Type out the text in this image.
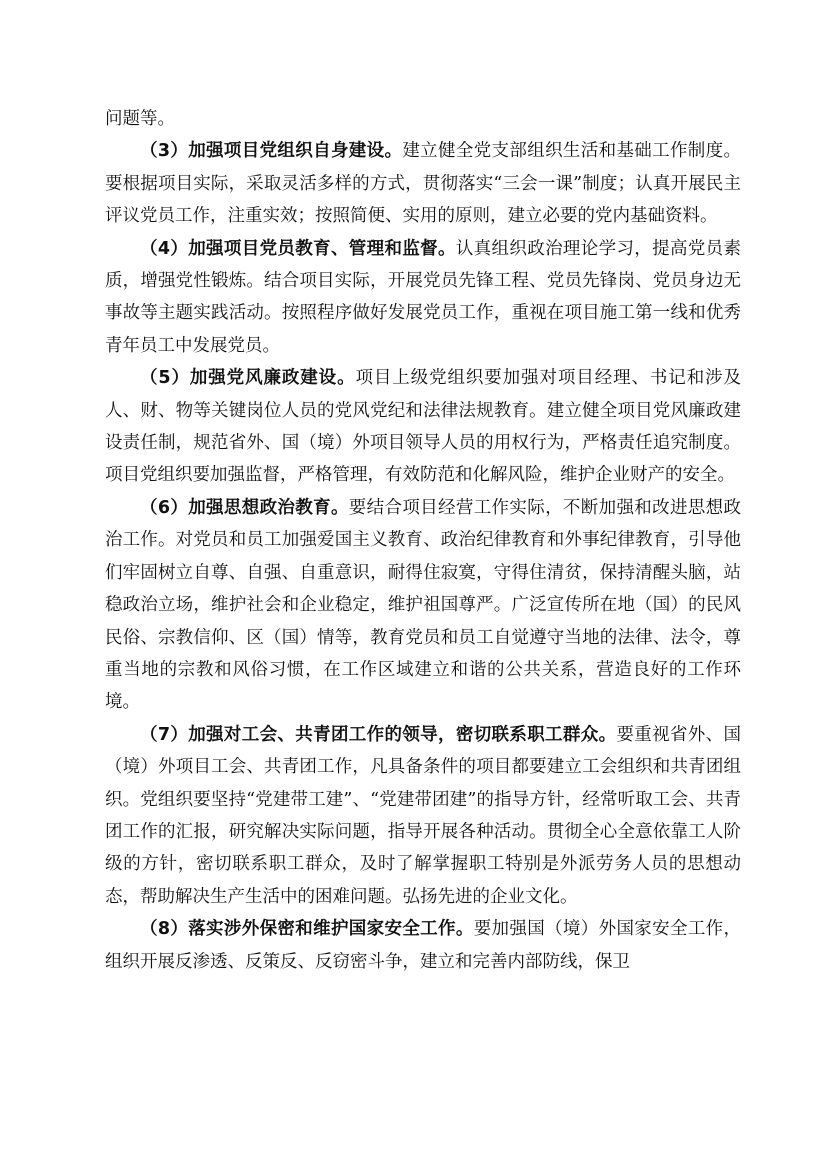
问题等。

（3）加强项目党组织自身建设。建立健全党支部组织生活和基础工作制度。要根据项目实际，采取灵活多样的方式，贯彻落实“三会一课”制度；认真开展民主评议党员工作，注重实效；按照简便、实用的原则，建立必要的党内基础资料。

（4）加强项目党员教育、管理和监督。认真组织政治理论学习，提高党员素质，增强党性锻炼。结合项目实际，开展党员先锋工程、党员先锋岗、党员身边无事故等主题实践活动。按照程序做好发展党员工作，重视在项目施工第一线和优秀青年员工中发展党员。

（5）加强党风廉政建设。项目上级党组织要加强对项目经理、书记和涉及人、财、物等关键岗位人员的党风党纪和法律法规教育。建立健全项目党风廉政建设责任制，规范省外、国（境）外项目领导人员的用权行为，严格责任追究制度。项目党组织要加强监督，严格管理，有效防范和化解风险，维护企业财产的安全。

（6）加强思想政治教育。要结合项目经营工作实际，不断加强和改进思想政治工作。对党员和员工加强爱国主义教育、政治纪律教育和外事纪律教育，引导他们牢固树立自尊、自强、自重意识，耐得住寂寞，守得住清贫，保持清醒头脑，站稳政治立场，维护社会和企业稳定，维护祖国尊严。广泛宣传所在地（国）的民风民俗、宗教信仰、区（国）情等，教育党员和员工自觉遵守当地的法律、法令，尊重当地的宗教和风俗习惯，在工作区域建立和谐的公共关系，营造良好的工作环境。

（7）加强对工会、共青团工作的领导，密切联系职工群众。要重视省外、国（境）外项目工会、共青团工作，凡具备条件的项目都要建立工会组织和共青团组织。党组织要坚持“党建带工建”、“党建带团建”的指导方针，经常听取工会、共青团工作的汇报，研究解决实际问题，指导开展各种活动。贯彻全心全意依靠工人阶级的方针，密切联系职工群众，及时了解掌握职工特别是外派劳务人员的思想动态，帮助解决生产生活中的困难问题。弘扬先进的企业文化。

（8）落实涉外保密和维护国家安全工作。要加强国（境）外国家安全工作，组织开展反渗透、反策反、反窃密斗争，建立和完善内部防线，保卫
